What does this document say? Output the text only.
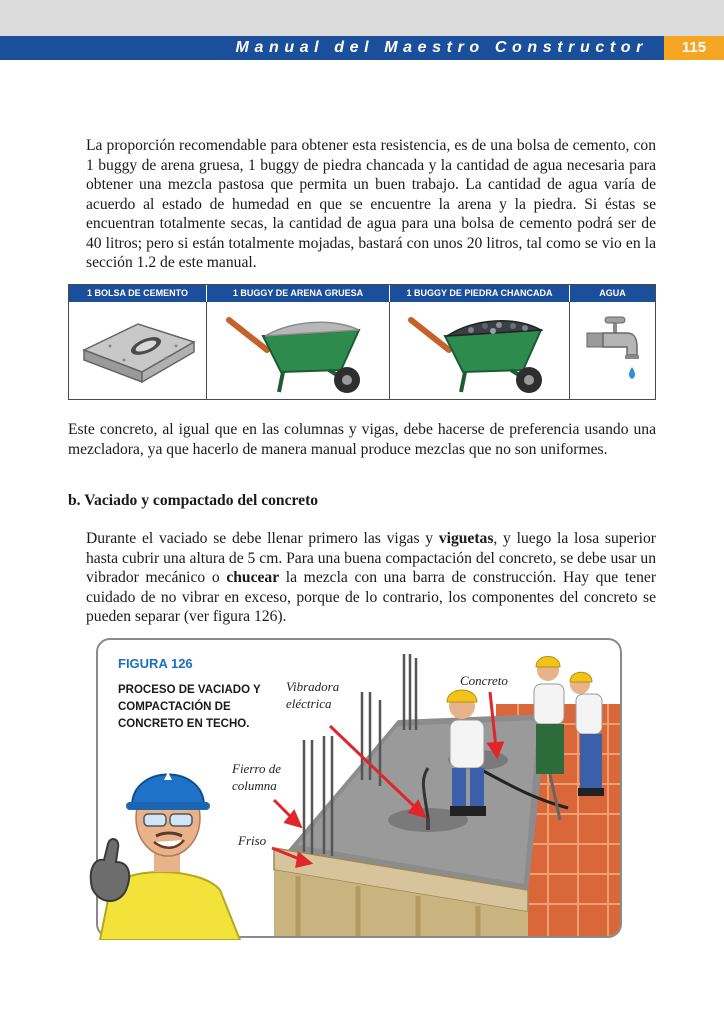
Manual del Maestro Constructor	115

La proporción recomendable para obtener esta resistencia, es de una bolsa de cemento, con 1 buggy de arena gruesa, 1 buggy de piedra chancada y la cantidad de agua necesaria para obtener una mezcla pastosa que permita un buen trabajo. La cantidad de agua varía de acuerdo al estado de humedad en que se encuentre la arena y la piedra. Si éstas se encuentran totalmente secas, la cantidad de agua para una bolsa de cemento podrá ser de 40 litros; pero si están totalmente mojadas, bastará con unos 20 litros, tal como se vio en la sección 1.2 de este manual.

1 BOLSA DE CEMENTO	1 BUGGY DE ARENA GRUESA	1 BUGGY DE PIEDRA CHANCADA	AGUA

Este concreto, al igual que en las columnas y vigas, debe hacerse de preferencia usando una mezcladora, ya que hacerlo de manera manual produce mezclas que no son uniformes.

b. Vaciado y compactado del concreto

Durante el vaciado se debe llenar primero las vigas y viguetas, y luego la losa superior hasta cubrir una altura de 5 cm. Para una buena compactación del concreto, se debe usar un vibrador mecánico o chucear la mezcla con una barra de construcción. Hay que tener cuidado de no vibrar en exceso, porque de lo contrario, los componentes del concreto se pueden separar (ver figura 126).

FIGURA 126
PROCESO DE VACIADO Y COMPACTACIÓN DE CONCRETO EN TECHO.
Vibradora eléctrica
Concreto
Fierro de columna
Friso
